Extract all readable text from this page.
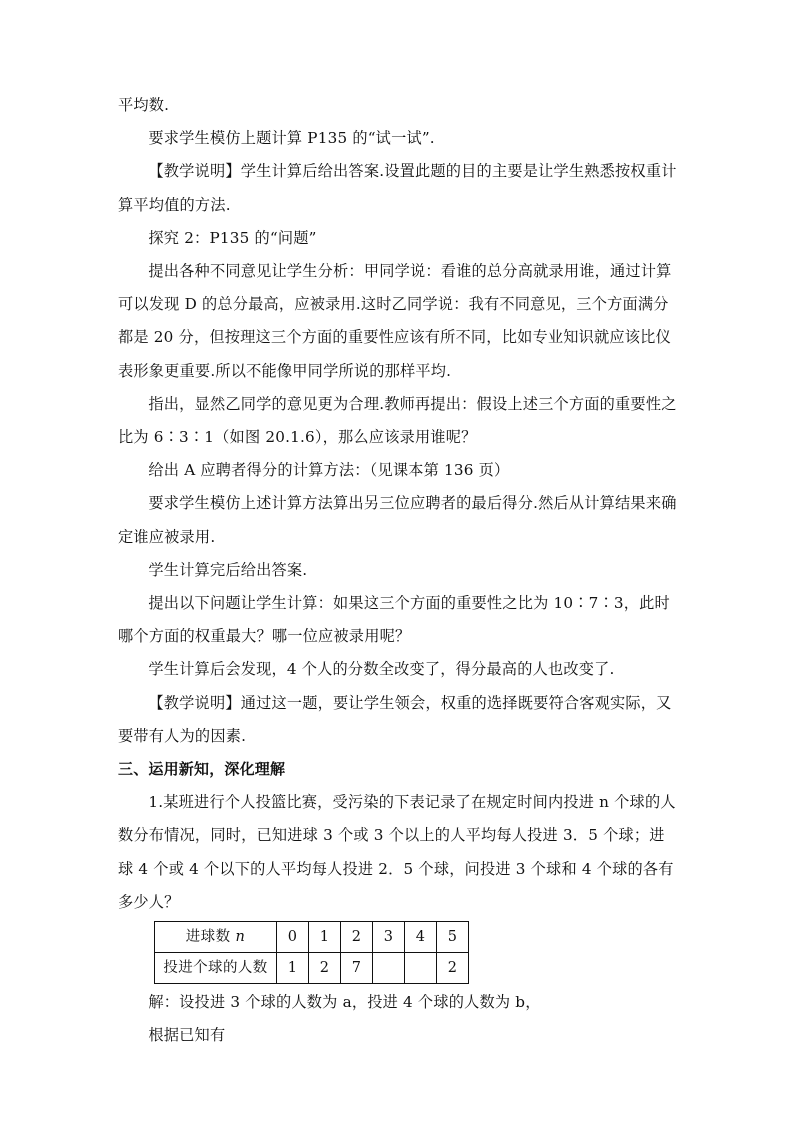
平均数.

要求学生模仿上题计算 P135 的“试一试”.

【教学说明】学生计算后给出答案.设置此题的目的主要是让学生熟悉按权重计算平均值的方法.

探究 2：P135 的“问题”

提出各种不同意见让学生分析：甲同学说：看谁的总分高就录用谁，通过计算可以发现 D 的总分最高，应被录用.这时乙同学说：我有不同意见，三个方面满分都是 20 分，但按理这三个方面的重要性应该有所不同，比如专业知识就应该比仪表形象更重要.所以不能像甲同学所说的那样平均.

指出，显然乙同学的意见更为合理.教师再提出：假设上述三个方面的重要性之比为 6∶3∶1（如图 20.1.6），那么应该录用谁呢？

给出 A 应聘者得分的计算方法：（见课本第 136 页）

要求学生模仿上述计算方法算出另三位应聘者的最后得分.然后从计算结果来确定谁应被录用.

学生计算完后给出答案.

提出以下问题让学生计算：如果这三个方面的重要性之比为 10∶7∶3，此时哪个方面的权重最大？哪一位应被录用呢？

学生计算后会发现，4 个人的分数全改变了，得分最高的人也改变了.

【教学说明】通过这一题，要让学生领会，权重的选择既要符合客观实际，又要带有人为的因素.

三、运用新知，深化理解

1.某班进行个人投篮比赛，受污染的下表记录了在规定时间内投进 n 个球的人数分布情况，同时，已知进球 3 个或 3 个以上的人平均每人投进 3．5 个球；进球 4 个或 4 个以下的人平均每人投进 2．5 个球，问投进 3 个球和 4 个球的各有多少人？

进球数 n	0	1	2	3	4	5
投进个球的人数	1	2	7			2

解：设投进 3 个球的人数为 a，投进 4 个球的人数为 b，

根据已知有
